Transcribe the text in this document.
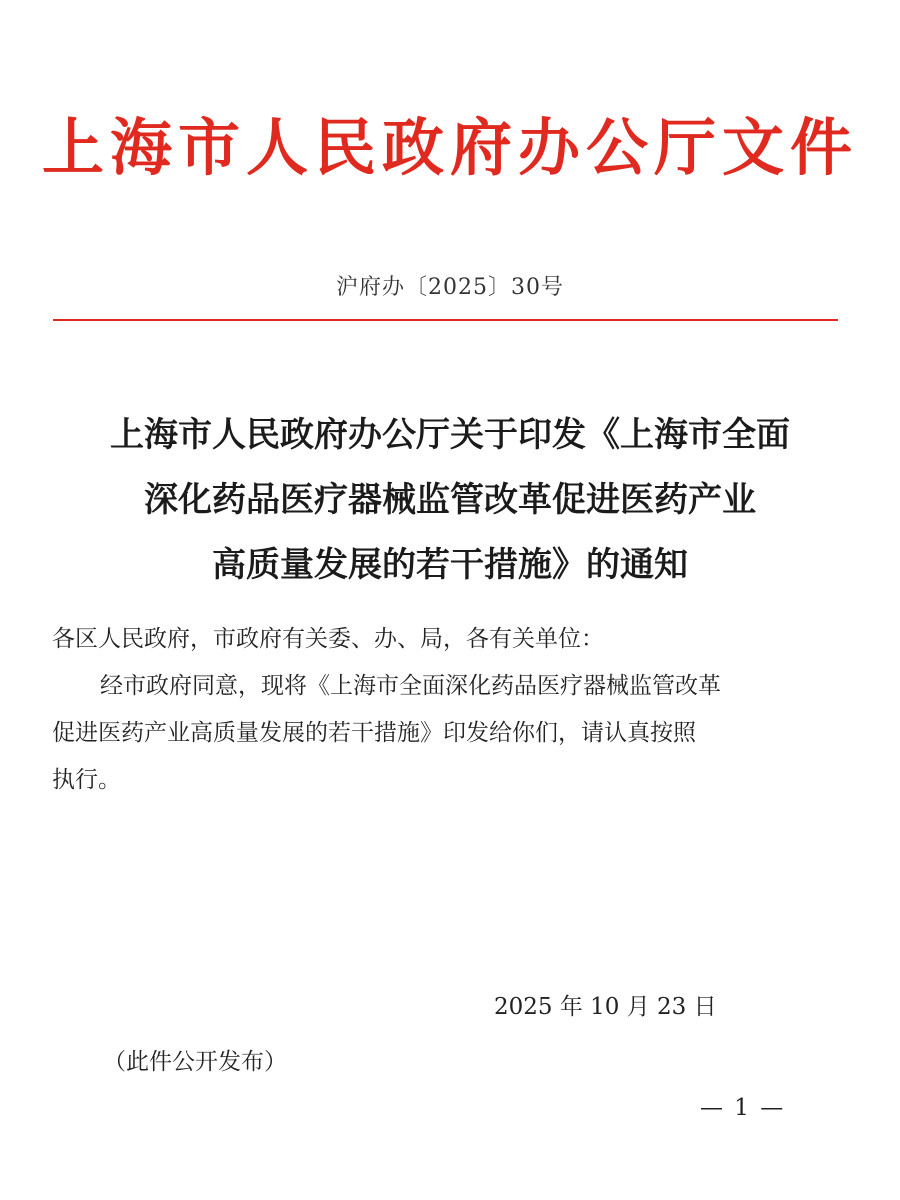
上海市人民政府办公厅文件
沪府办〔2025〕30号
上海市人民政府办公厅关于印发《上海市全面
深化药品医疗器械监管改革促进医药产业
高质量发展的若干措施》的通知
各区人民政府，市政府有关委、办、局，各有关单位：
经市政府同意，现将《上海市全面深化药品医疗器械监管改革
促进医药产业高质量发展的若干措施》印发给你们，请认真按照
执行。
2025 年 10 月 23 日
（此件公开发布）
— 1 —
